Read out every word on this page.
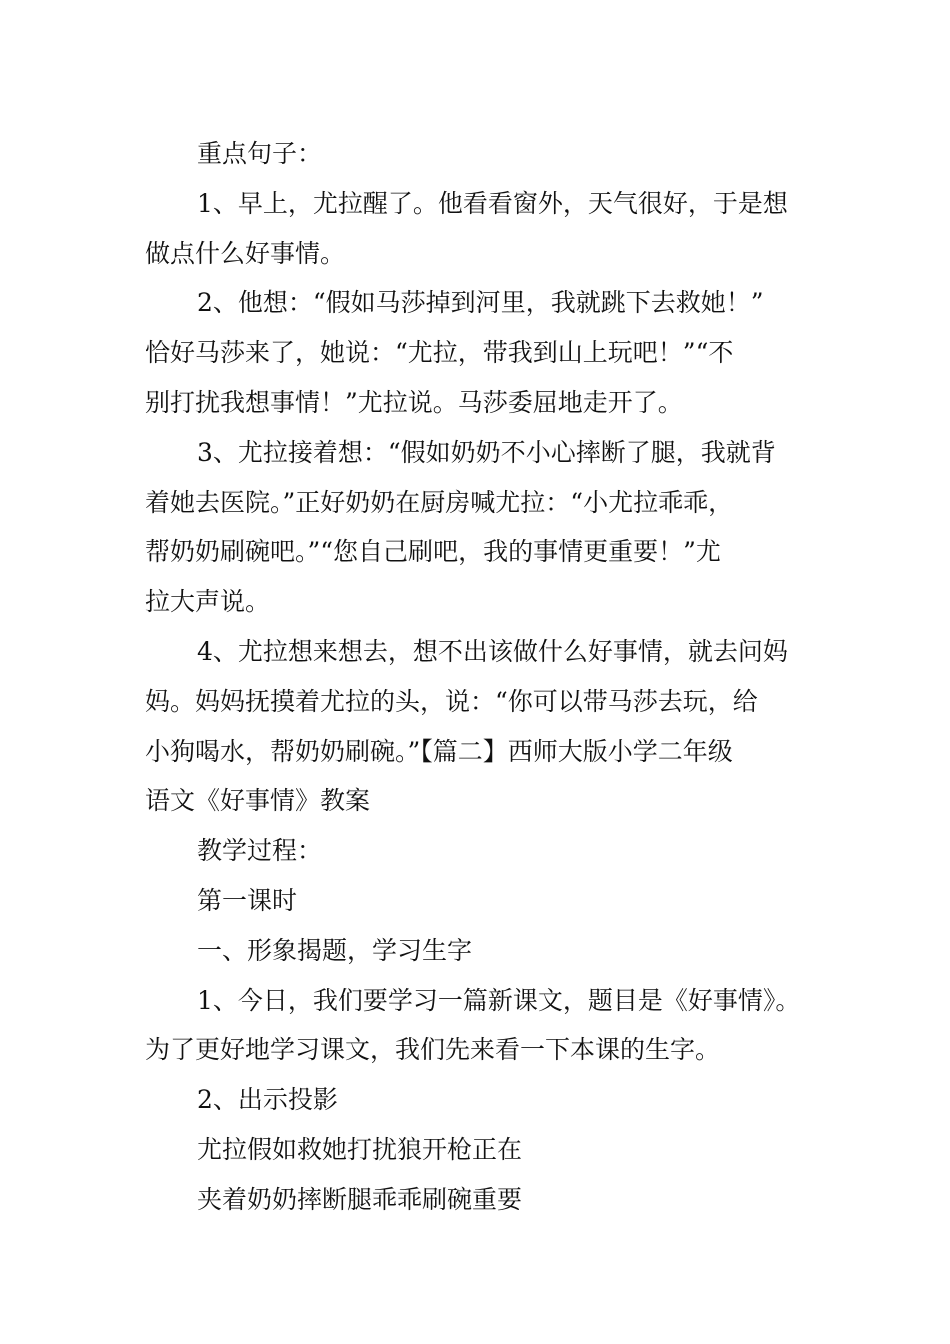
重点句子：
1、早上，尤拉醒了。他看看窗外，天气很好，于是想
做点什么好事情。
2、他想：“假如马莎掉到河里，我就跳下去救她！”
恰好马莎来了，她说：“尤拉，带我到山上玩吧！”“不
别打扰我想事情！”尤拉说。马莎委屈地走开了。
3、尤拉接着想：“假如奶奶不小心摔断了腿，我就背
着她去医院。”正好奶奶在厨房喊尤拉：“小尤拉乖乖，
帮奶奶刷碗吧。”“您自己刷吧，我的事情更重要！”尤
拉大声说。
4、尤拉想来想去，想不出该做什么好事情，就去问妈
妈。妈妈抚摸着尤拉的头，说：“你可以带马莎去玩，给
小狗喝水，帮奶奶刷碗。”【篇二】西师大版小学二年级
语文《好事情》教案
教学过程：
第一课时
一、形象揭题，学习生字
1、今日，我们要学习一篇新课文，题目是《好事情》。
为了更好地学习课文，我们先来看一下本课的生字。
2、出示投影
尤拉假如救她打扰狼开枪正在
夹着奶奶摔断腿乖乖刷碗重要
